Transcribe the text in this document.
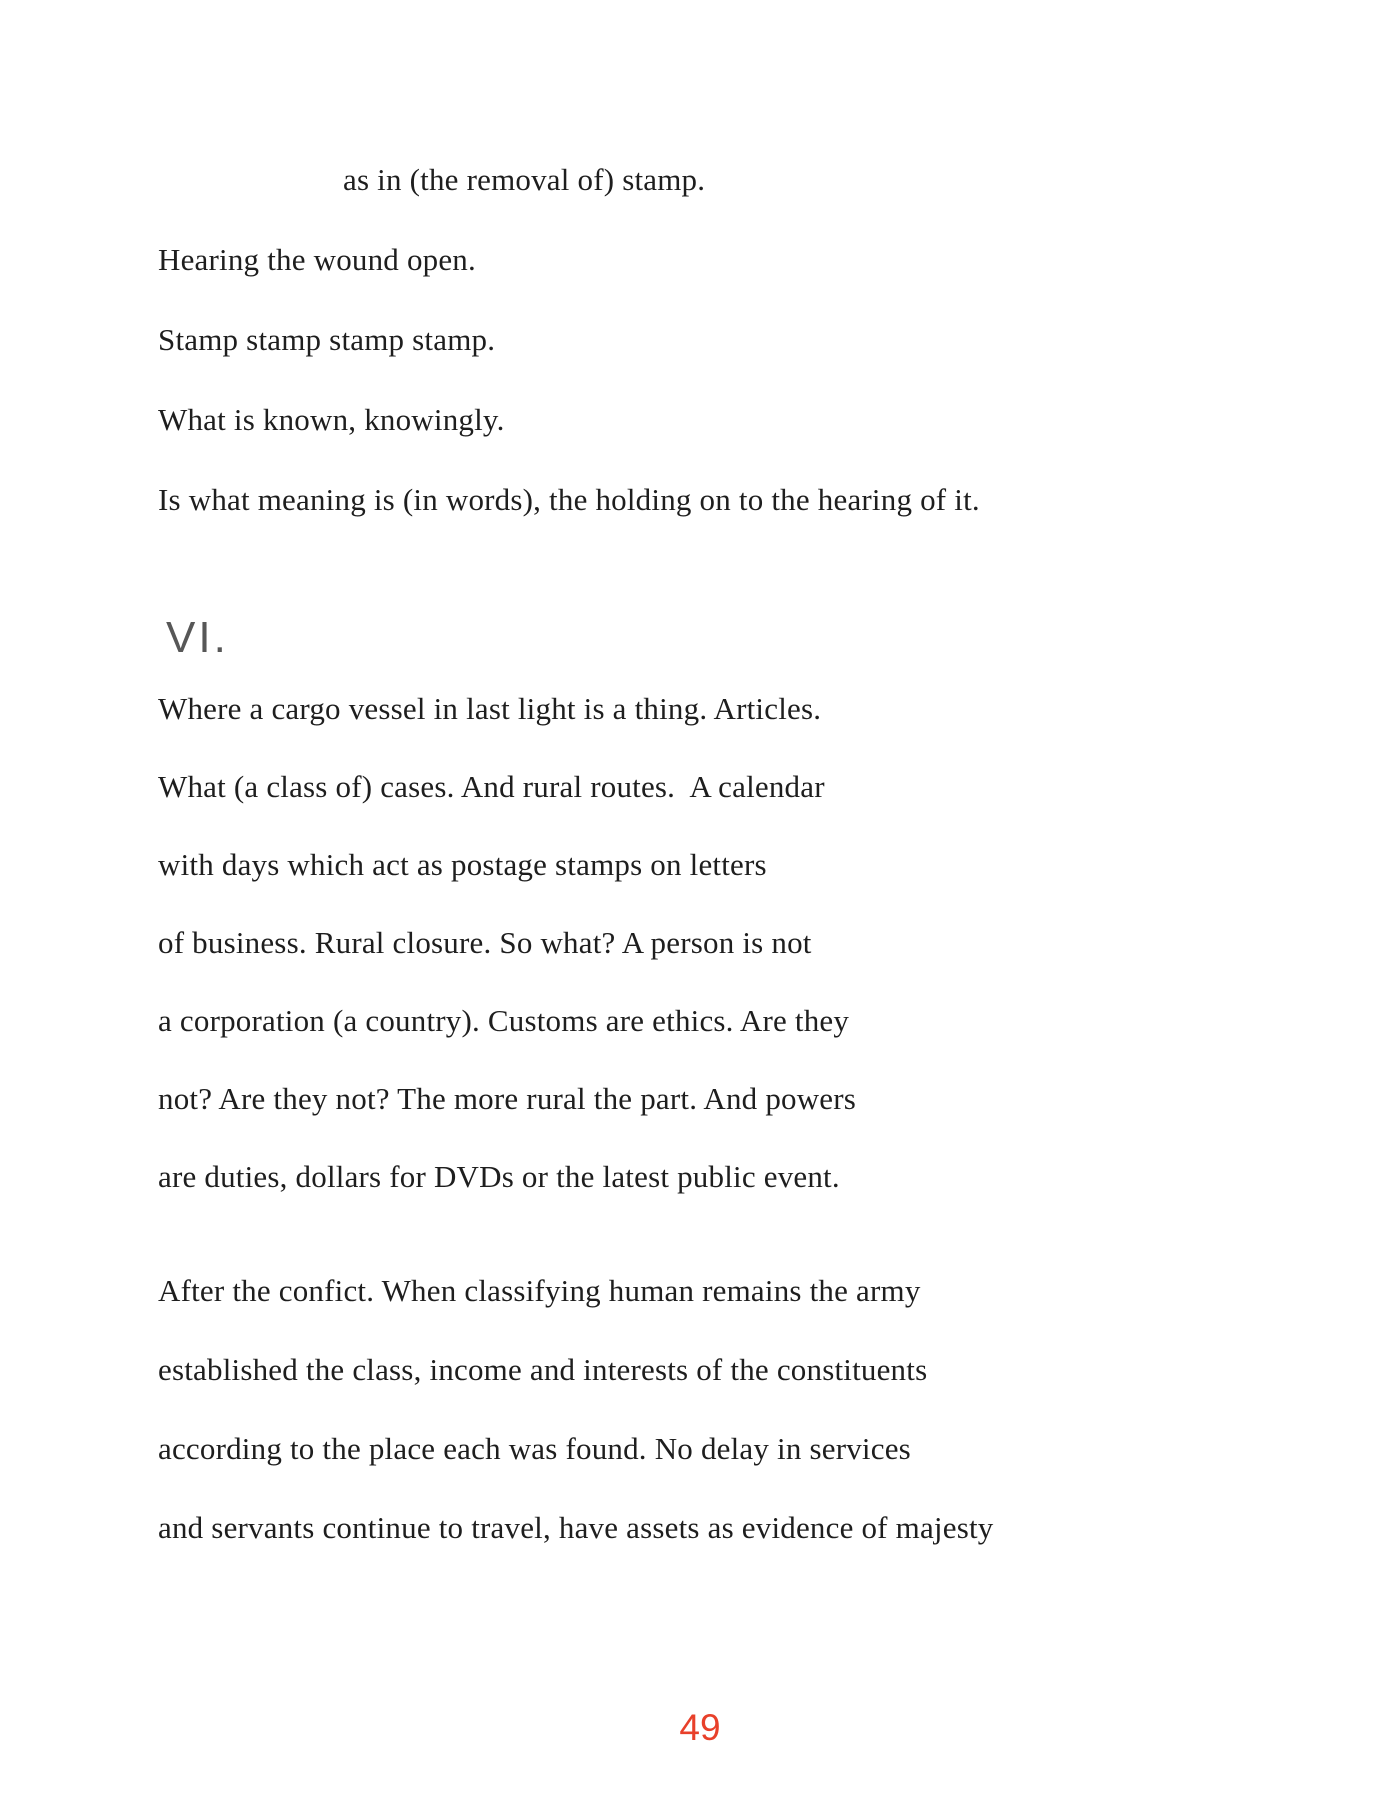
as in (the removal of) stamp.
Hearing the wound open.
Stamp stamp stamp stamp.
What is known, knowingly.
Is what meaning is (in words), the holding on to the hearing of it.
VI.
Where a cargo vessel in last light is a thing. Articles.
What (a class of) cases. And rural routes.  A calendar
with days which act as postage stamps on letters
of business. Rural closure. So what? A person is not
a corporation (a country). Customs are ethics. Are they
not? Are they not? The more rural the part. And powers
are duties, dollars for DVDs or the latest public event.
After the confict. When classifying human remains the army
established the class, income and interests of the constituents
according to the place each was found. No delay in services
and servants continue to travel, have assets as evidence of majesty
49
